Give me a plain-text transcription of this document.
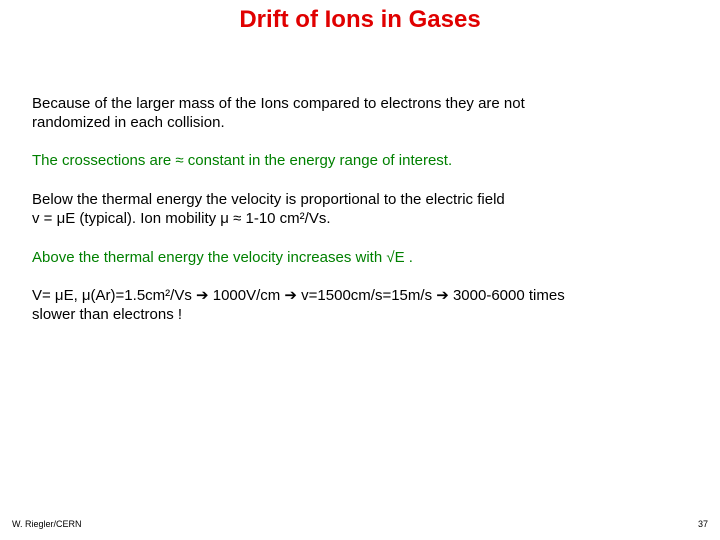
Drift of Ions in Gases
Because of the larger mass of the Ions compared to electrons they are not
randomized in each collision.
The crossections are ≈ constant in the energy range of interest.
Below the thermal energy the velocity is proportional to the electric field
v = μE (typical). Ion mobility μ ≈ 1-10 cm²/Vs.
Above the thermal energy the velocity increases with √E .
V= μE, μ(Ar)=1.5cm²/Vs ➔ 1000V/cm ➔ v=1500cm/s=15m/s ➔ 3000-6000 times
slower than electrons !
W. Riegler/CERN	37
